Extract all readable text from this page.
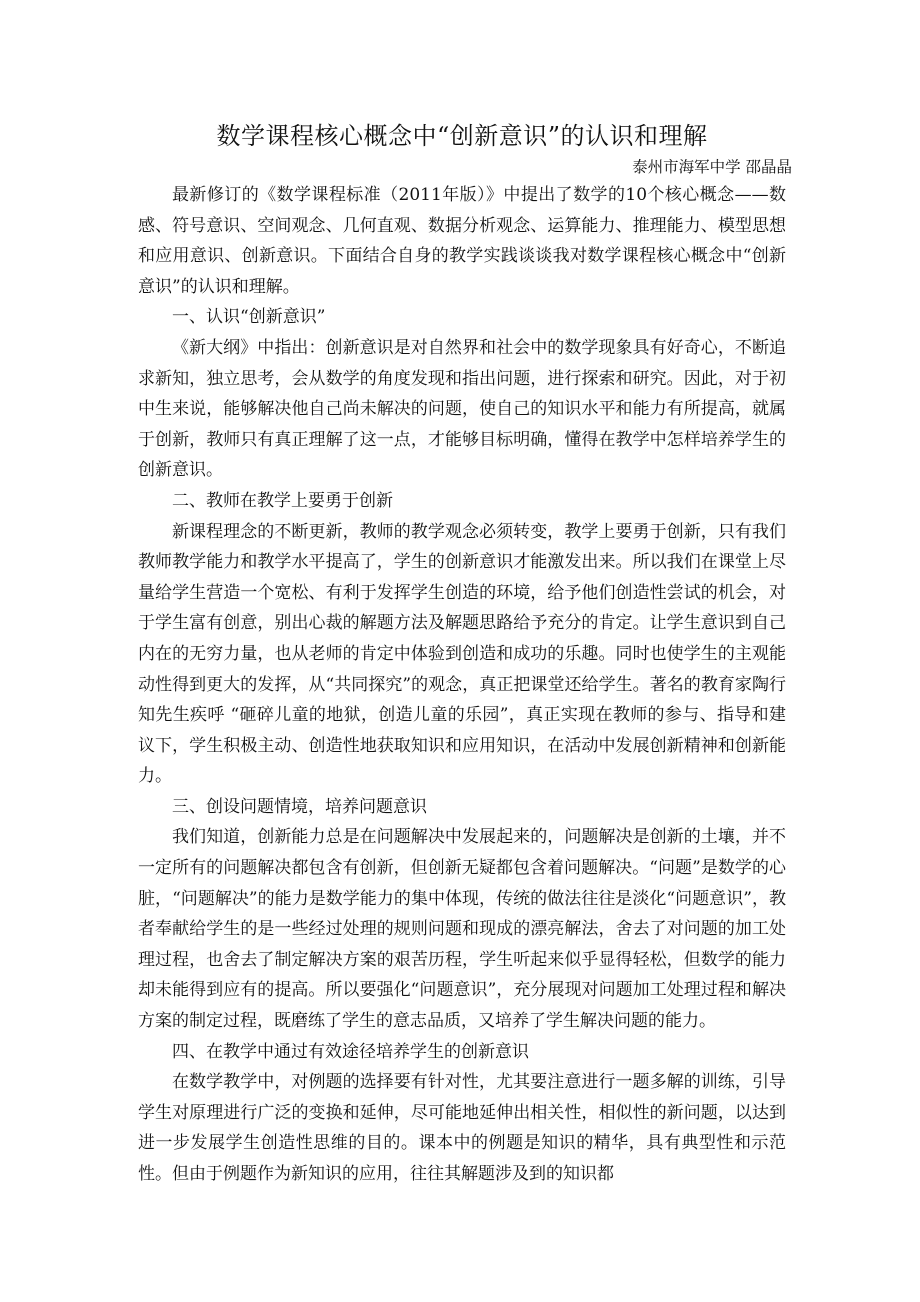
数学课程核心概念中“创新意识”的认识和理解

泰州市海军中学 邵晶晶

最新修订的《数学课程标准（2011年版）》中提出了数学的10个核心概念——数感、符号意识、空间观念、几何直观、数据分析观念、运算能力、推理能力、模型思想和应用意识、创新意识。下面结合自身的教学实践谈谈我对数学课程核心概念中“创新意识”的认识和理解。

一、认识“创新意识”

《新大纲》中指出：创新意识是对自然界和社会中的数学现象具有好奇心，不断追求新知，独立思考，会从数学的角度发现和指出问题，进行探索和研究。因此，对于初中生来说，能够解决他自己尚未解决的问题，使自己的知识水平和能力有所提高，就属于创新，教师只有真正理解了这一点，才能够目标明确，懂得在教学中怎样培养学生的创新意识。

二、教师在教学上要勇于创新

新课程理念的不断更新，教师的教学观念必须转变，教学上要勇于创新，只有我们教师教学能力和教学水平提高了，学生的创新意识才能激发出来。所以我们在课堂上尽量给学生营造一个宽松、有利于发挥学生创造的环境，给予他们创造性尝试的机会，对于学生富有创意，别出心裁的解题方法及解题思路给予充分的肯定。让学生意识到自己内在的无穷力量，也从老师的肯定中体验到创造和成功的乐趣。同时也使学生的主观能动性得到更大的发挥，从“共同探究”的观念，真正把课堂还给学生。著名的教育家陶行知先生疾呼 “砸碎儿童的地狱，创造儿童的乐园”，真正实现在教师的参与、指导和建议下，学生积极主动、创造性地获取知识和应用知识，在活动中发展创新精神和创新能力。

三、创设问题情境，培养问题意识

我们知道，创新能力总是在问题解决中发展起来的，问题解决是创新的土壤，并不一定所有的问题解决都包含有创新，但创新无疑都包含着问题解决。“问题”是数学的心脏，“问题解决”的能力是数学能力的集中体现，传统的做法往往是淡化“问题意识”，教者奉献给学生的是一些经过处理的规则问题和现成的漂亮解法，舍去了对问题的加工处理过程，也舍去了制定解决方案的艰苦历程，学生听起来似乎显得轻松，但数学的能力却未能得到应有的提高。所以要强化“问题意识”，充分展现对问题加工处理过程和解决方案的制定过程，既磨练了学生的意志品质，又培养了学生解决问题的能力。

四、在教学中通过有效途径培养学生的创新意识

在数学教学中，对例题的选择要有针对性，尤其要注意进行一题多解的训练，引导学生对原理进行广泛的变换和延伸，尽可能地延伸出相关性，相似性的新问题，以达到进一步发展学生创造性思维的目的。课本中的例题是知识的精华，具有典型性和示范性。但由于例题作为新知识的应用，往往其解题涉及到的知识都
